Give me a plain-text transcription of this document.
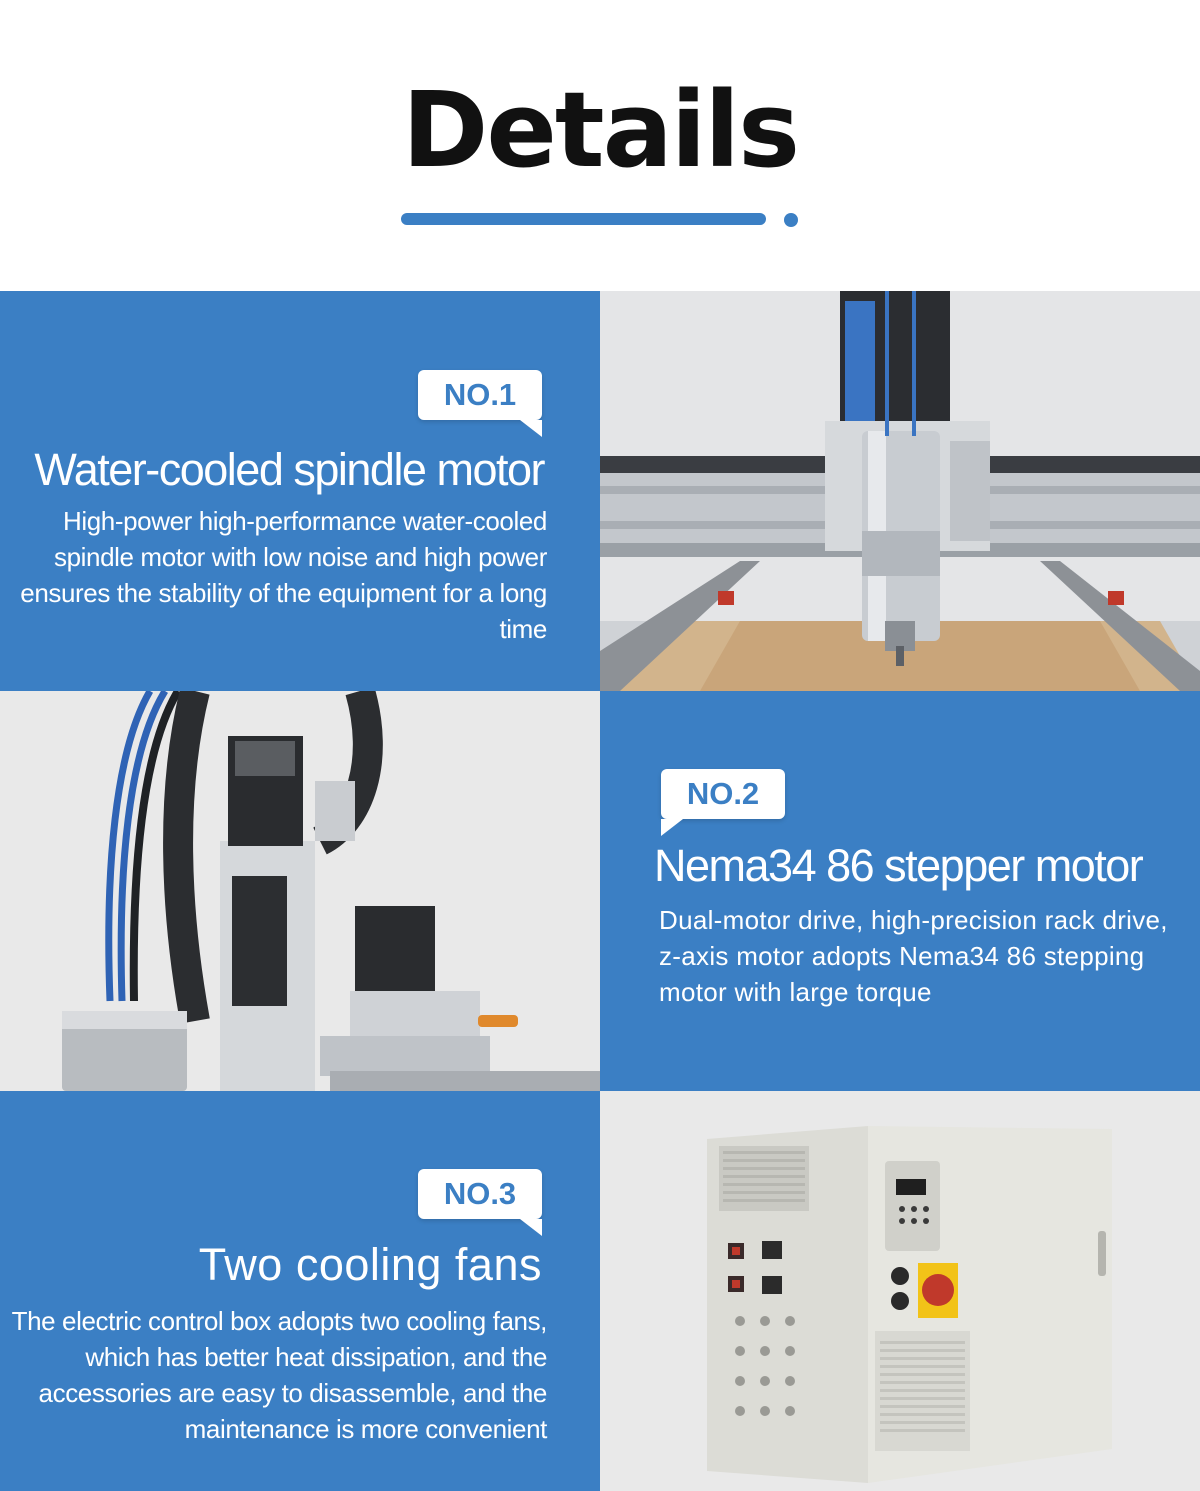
Details
NO.1
Water-cooled spindle motor
High-power high-performance water-cooled spindle motor with low noise and high power ensures the stability of the equipment for a long time
NO.2
Nema34 86 stepper motor
Dual-motor drive, high-precision rack drive, z-axis motor adopts Nema34 86 stepping motor with large torque
NO.3
Two cooling fans
The electric control box adopts two cooling fans, which has better heat dissipation, and the accessories are easy to disassemble, and the maintenance is more convenient
